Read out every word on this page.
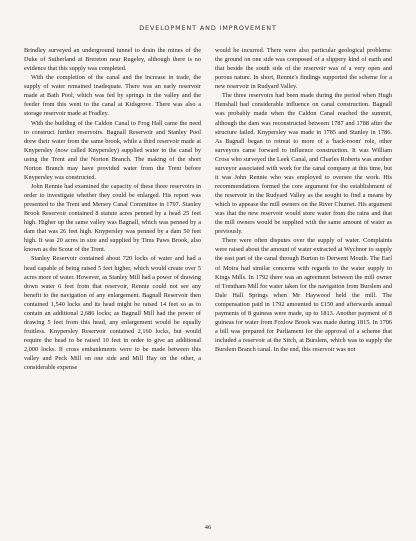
DEVELOPMENT AND IMPROVEMENT

Brindley surveyed an underground tunnel to drain the mines of the Duke of Sutherland at Brereton near Rugeley, although there is no evidence that this supply was completed.

With the completion of the canal and the increase in trade, the supply of water remained inadequate. There was an early reservoir made at Bath Pool, which was fed by springs in the valley and the feeder from this went to the canal at Kidsgrove. There was also a storage reservoir made at Fradley.

With the building of the Caldon Canal to Frog Hall came the need to construct further reservoirs. Bagnall Reservoir and Stanley Pool drew their water from the same brook, while a third reservoir made at Knypersley (now called Knypersley) supplied water to the canal by using the Trent and the Norton Branch. The making of the short Norton Branch may have provided water from the Trent before Knypersley was constructed.

John Rennie had examined the capacity of these three reservoirs in order to investigate whether they could be enlarged. His report was presented to the Trent and Mersey Canal Committee in 1797. Stanley Brook Reservoir contained 8 statute acres penned by a head 25 feet high. Higher up the same valley was Bagnall, which was penned by a dam that was 26 feet high. Knypersley was penned by a dam 50 feet high. It was 20 acres in size and supplied by Tims Paws Brook, also known as the Scour of the Trent.

Stanley Reservoir contained about 720 locks of water and had a head capable of being raised 5 feet higher, which would create over 5 acres more of water. However, as Stanley Mill had a power of drawing down water 6 feet from that reservoir, Rennie could not see any benefit to the navigation of any enlargement. Bagnall Reservoir then contained 1,540 locks and its head might be raised 14 feet so as to contain an additional 2,686 locks; as Bagnall Mill had the power of drawing 5 feet from this head, any enlargement would be equally fruitless. Knypersley Reservoir contained 2,160 locks, but would require the head to be raised 10 feet in order to give an additional 2,000 locks. If cross embankments were to be made between this valley and Peck Mill on one side and Mill Hay on the other, a considerable expense

would be incurred. There were also particular geological problems: the ground on one side was composed of a slippery kind of earth and that beside the south side of the reservoir was of a very open and porous nature. In short, Rennie's findings supported the scheme for a new reservoir in Rudyard Valley.

The three reservoirs had been made during the period when Hugh Henshall had considerable influence on canal construction. Bagnall was probably made when the Caldon Canal reached the summit, although the dam was reconstructed between 1787 and 1788 after the structure failed. Knypersley was made in 1785 and Stanley in 1786. As Bagnall began to retreat to more of a 'back-room' role, other surveyors came forward to influence construction. It was William Cross who surveyed the Leek Canal, and Charles Roberts was another surveyor associated with work for the canal company at this time, but it was John Rennie who was employed to oversee the work. His recommendations formed the core argument for the establishment of the reservoir in the Rudyard Valley as the sought to find a means by which to appease the mill owners on the River Churnet. His argument was that the new reservoir would store water from the rains and that the mill owners would be supplied with the same amount of water as previously.

There were often disputes over the supply of water. Complaints were raised about the amount of water extracted at Wychnor to supply the east part of the canal through Burton to Derwent Mouth. The Earl of Moira had similar concerns with regards to the water supply to Kings Mills. In 1792 there was an agreement between the mill owner of Trentham Mill for water taken for the navigation from Burslem and Dale Hall Springs when Mr Haywood held the mill. The compensation paid in 1792 amounted to £150 and afterwards annual payments of 8 guineas were made, up to 1813. Another payment of 8 guineas for water from Foxlow Brook was made during 1815. In 1706 a bill was prepared for Parliament for the approval of a scheme that included a reservoir at the Sitch, at Burslem, which was to supply the Burslem Branch canal. In the end, this reservoir was not

46
